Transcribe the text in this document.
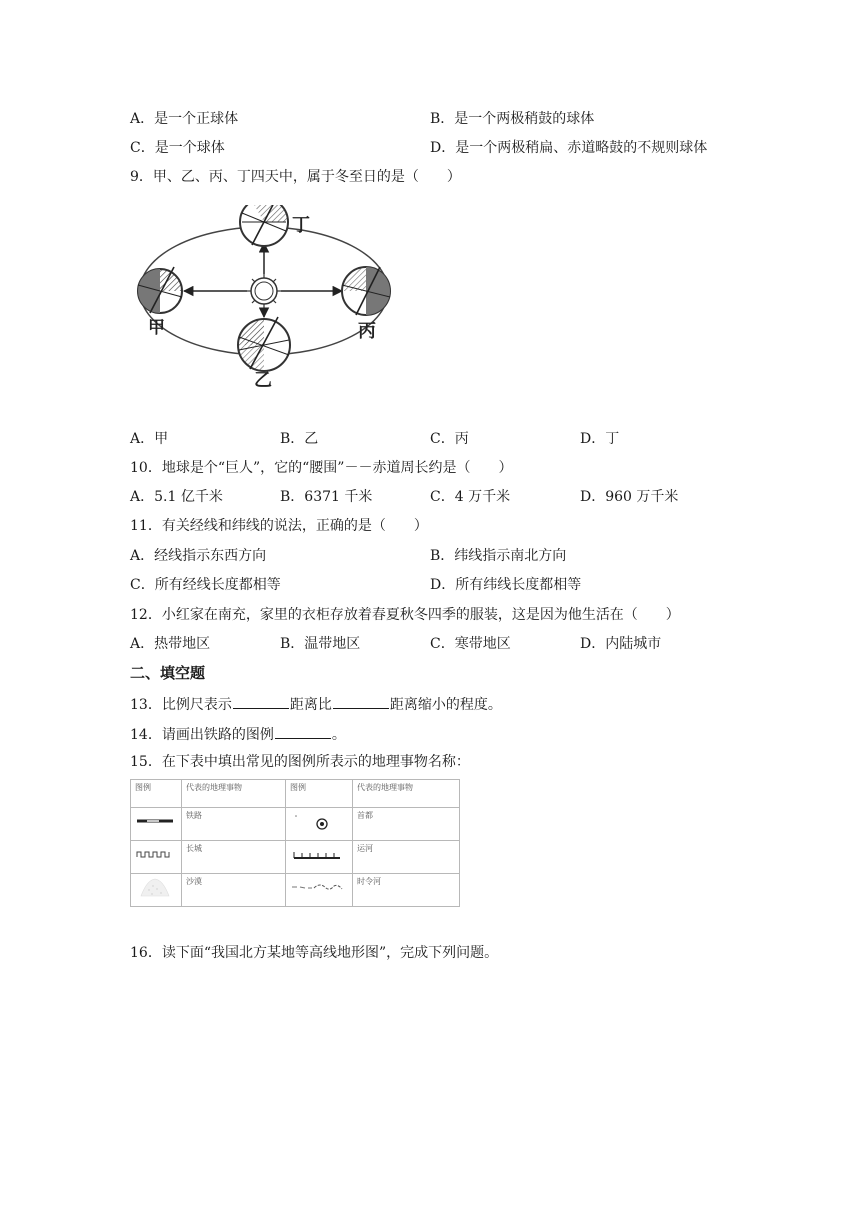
A．是一个正球体	B．是一个两极稍鼓的球体
C．是一个球体	D．是一个两极稍扁、赤道略鼓的不规则球体
9．甲、乙、丙、丁四天中，属于冬至日的是（　　）
丁
甲	丙
乙
A．甲	B．乙	C．丙	D．丁
10．地球是个“巨人”，它的“腰围”－－赤道周长约是（　　）
A．5.1 亿千米	B．6371 千米	C．4 万千米	D．960 万千米
11．有关经线和纬线的说法，正确的是（　　）
A．经线指示东西方向	B．纬线指示南北方向
C．所有经线长度都相等	D．所有纬线长度都相等
12．小红家在南充，家里的衣柜存放着春夏秋冬四季的服装，这是因为他生活在（　　）
A．热带地区	B．温带地区	C．寒带地区	D．内陆城市
二、填空题
13．比例尺表示	距离比	距离缩小的程度。
14．请画出铁路的图例	。
15．在下表中填出常见的图例所表示的地理事物名称：
图例	代表的地理事物	图例	代表的地理事物
	铁路		首都
	长城		运河
	沙漠		时令河
16．读下面“我国北方某地等高线地形图”，完成下列问题。
